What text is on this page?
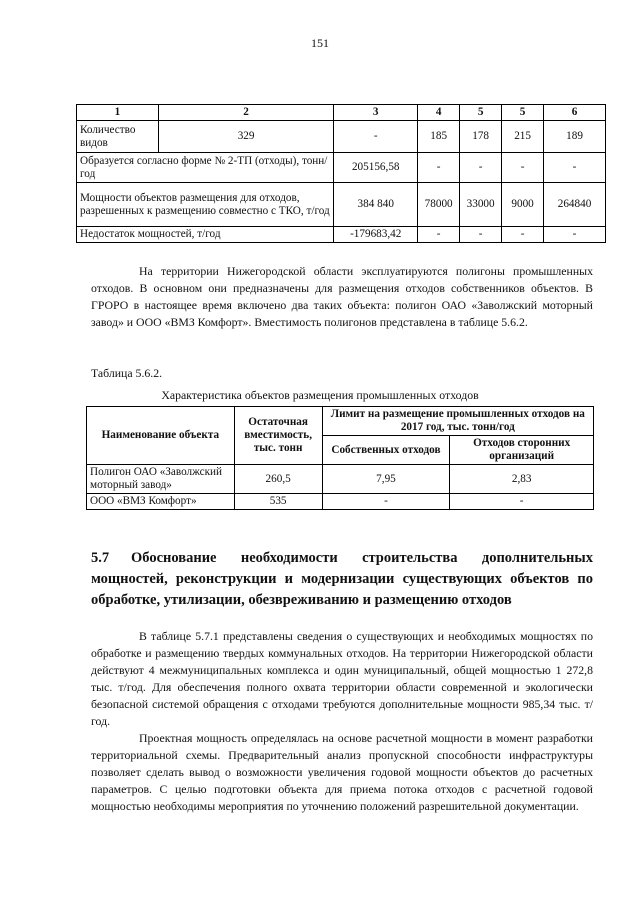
151
1	2	3	4	5	5	6
Количество видов	329	-	185	178	215	189
Образуется согласно форме № 2-ТП (отходы), тонн/год		205156,58	-	-	-	-
Мощности объектов размещения для отходов, разрешенных к размещению совместно с ТКО, т/год		384 840	78000	33000	9000	264840
Недостаток мощностей, т/год		-179683,42	-	-	-	-
На территории Нижегородской области эксплуатируются полигоны промышленных отходов. В основном они предназначены для размещения отходов собственников объектов. В ГРОРО в настоящее время включено два таких объекта: полигон ОАО «Заволжский моторный завод» и ООО «ВМЗ Комфорт». Вместимость полигонов представлена в таблице 5.6.2.
Таблица 5.6.2.
Характеристика объектов размещения промышленных отходов
Наименование объекта	Остаточная вместимость, тыс. тонн	Лимит на размещение промышленных отходов на 2017 год, тыс. тонн/год	
		Собственных отходов	Отходов сторонних организаций
Полигон ОАО «Заволжский моторный завод»	260,5	7,95	2,83
ООО «ВМЗ Комфорт»	535	-	-
5.7 Обоснование необходимости строительства дополнительных мощностей, реконструкции и модернизации существующих объектов по обработке, утилизации, обезвреживанию и размещению отходов
В таблице 5.7.1 представлены сведения о существующих и необходимых мощностях по обработке и размещению твердых коммунальных отходов. На территории Нижегородской области действуют 4 межмуниципальных комплекса и один муниципальный, общей мощностью 1 272,8 тыс. т/год. Для обеспечения полного охвата территории области современной и экологически безопасной системой обращения с отходами требуются дополнительные мощности 985,34 тыс. т/год.
Проектная мощность определялась на основе расчетной мощности в момент разработки территориальной схемы. Предварительный анализ пропускной способности инфраструктуры позволяет сделать вывод о возможности увеличения годовой мощности объектов до расчетных параметров. С целью подготовки объекта для приема потока отходов с расчетной годовой мощностью необходимы мероприятия по уточнению положений разрешительной документации.
